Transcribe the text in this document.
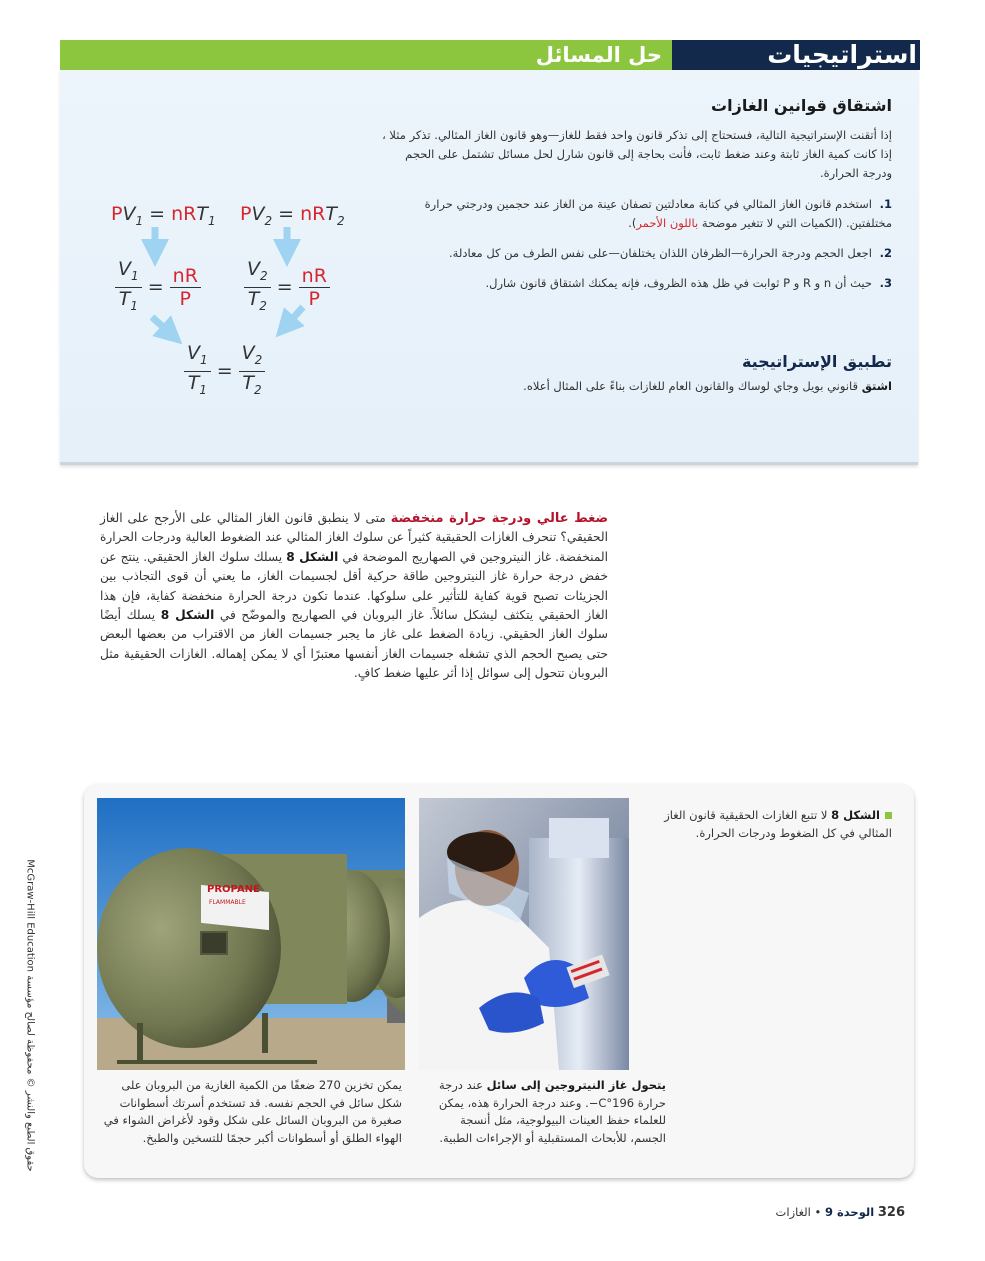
استراتيجيات
حل المسائل
اشتقاق قوانين الغازات
إذا أتقنت الإستراتيجية التالية، فستحتاج إلى تذكر قانون واحد فقط للغاز—وهو قانون الغاز المثالي. تذكر مثلا ، إذا كانت كمية الغاز ثابتة وعند ضغط ثابت، فأنت بحاجة إلى قانون شارل لحل مسائل تشتمل على الحجم ودرجة الحرارة.
1. استخدم قانون الغاز المثالي في كتابة معادلتين تصفان عينة من الغاز عند حجمين ودرجتي حرارة مختلفتين. (الكميات التي لا تتغير موضحة باللون الأحمر).
2. اجعل الحجم ودرجة الحرارة—الظرفان اللذان يختلفان—على نفس الطرف من كل معادلة.
3. حيث أن n و R و P ثوابت في ظل هذه الظروف، فإنه يمكنك اشتقاق قانون شارل.
تطبيق الإستراتيجية
اشتق قانوني بويل وجاي لوساك والقانون العام للغازات بناءً على المثال أعلاه.
$PV_1 = nRT_1$ $PV_2 = nRT_2$
$\frac{V_1}{T_1} = \frac{nR}{P} \frac{V_2}{T_2} = \frac{nR}{P}$
$\frac{V_1}{T_1} = \frac{V_2}{T_2}$
ضغط عالي ودرجة حرارة منخفضة متى لا ينطبق قانون الغاز المثالي على الأرجح على الغاز الحقيقي؟ تنحرف الغازات الحقيقية كثيراً عن سلوك الغاز المثالي عند الضغوط العالية ودرجات الحرارة المنخفضة. غاز النيتروجين في الصهاريج الموضحة في الشكل 8 يسلك سلوك الغاز الحقيقي. ينتج عن خفض درجة حرارة غاز النيتروجين طاقة حركية أقل لجسيمات الغاز، ما يعني أن قوى التجاذب بين الجزيئات تصبح قوية كفاية للتأثير على سلوكها. عندما تكون درجة الحرارة منخفضة كفاية، فإن هذا الغاز الحقيقي يتكثف ليشكل سائلاً. غاز البروبان في الصهاريج والموضّح في الشكل 8 يسلك أيضًا سلوك الغاز الحقيقي. زيادة الضغط على غاز ما يجبر جسيمات الغاز من الاقتراب من بعضها البعض حتى يصبح الحجم الذي تشغله جسيمات الغاز أنفسها معتبرًا أي لا يمكن إهماله. الغازات الحقيقية مثل البروبان تتحول إلى سوائل إذا أثر عليها ضغط كافٍ.
PROPANE
FLAMMABLE
الشكل 8 لا تتبع الغازات الحقيقية قانون الغاز المثالي في كل الضغوط ودرجات الحرارة.
يمكن تخزين 270 ضعفًا من الكمية الغازية من البروبان على شكل سائل في الحجم نفسه. قد تستخدم أسرتك أسطوانات صغيرة من البروبان السائل على شكل وقود لأغراض الشواء في الهواء الطلق أو أسطوانات أكبر حجمًا للتسخين والطبخ.
يتحول غاز النيتروجين إلى سائل عند درجة حرارة 196°C−. وعند درجة الحرارة هذه، يمكن للعلماء حفظ العينات البيولوجية، مثل أنسجة الجسم، للأبحاث المستقبلية أو الإجراءات الطبية.
McGraw-Hill Education حقوق الطبع والنشر © محفوظة لصالح مؤسسة
326 الوحدة 9 • الغازات
